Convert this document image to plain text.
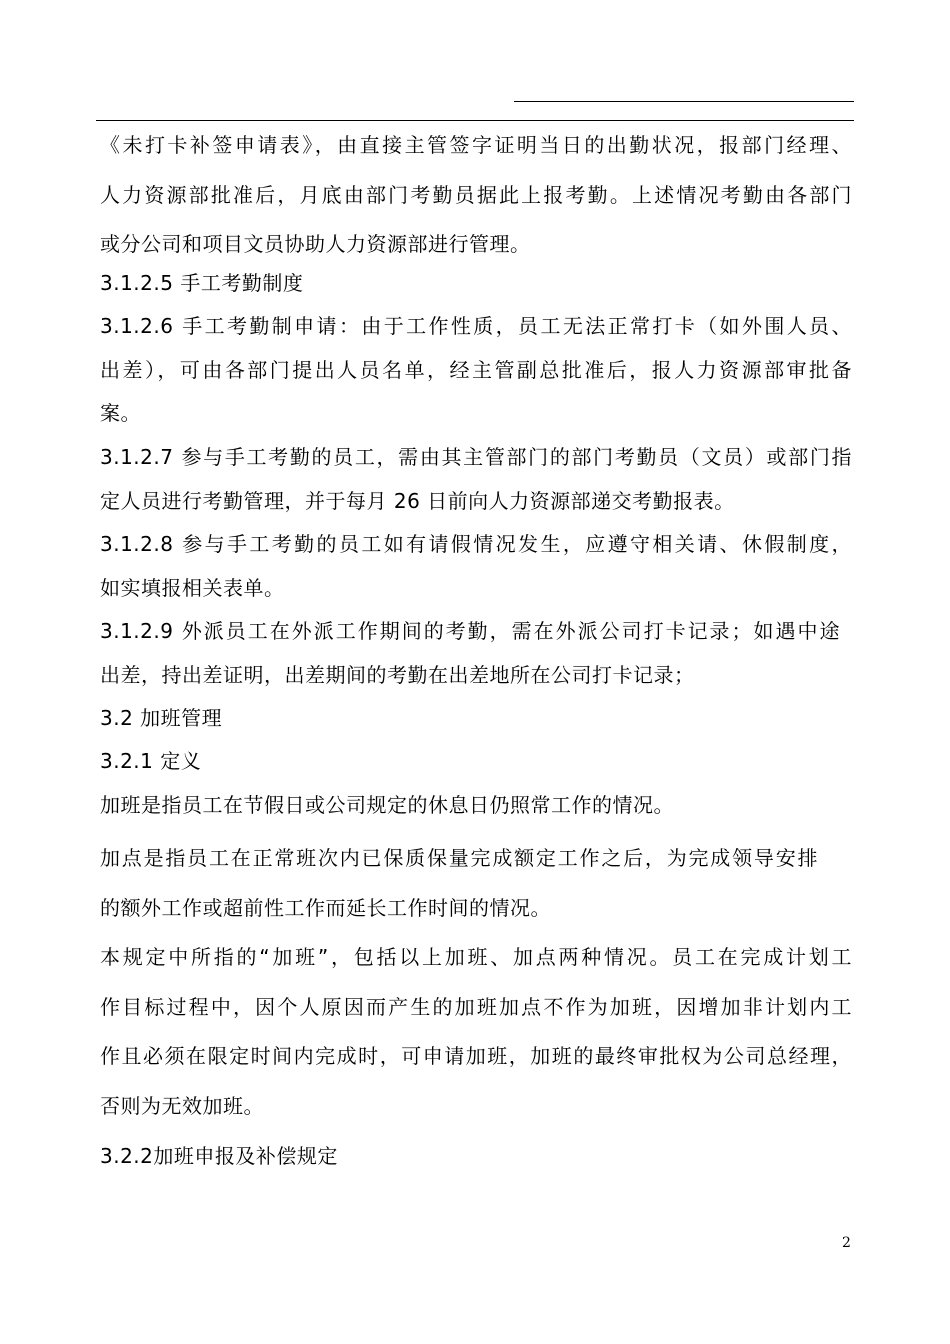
《未打卡补签申请表》，由直接主管签字证明当日的出勤状况，报部门经理、
人力资源部批准后，月底由部门考勤员据此上报考勤。上述情况考勤由各部门
或分公司和项目文员协助人力资源部进行管理。
3.1.2.5 手工考勤制度
3.1.2.6 手工考勤制申请：由于工作性质，员工无法正常打卡（如外围人员、
出差），可由各部门提出人员名单，经主管副总批准后，报人力资源部审批备
案。
3.1.2.7 参与手工考勤的员工，需由其主管部门的部门考勤员（文员）或部门指
定人员进行考勤管理，并于每月 26 日前向人力资源部递交考勤报表。
3.1.2.8 参与手工考勤的员工如有请假情况发生，应遵守相关请、休假制度，
如实填报相关表单。
3.1.2.9 外派员工在外派工作期间的考勤，需在外派公司打卡记录；如遇中途
出差，持出差证明，出差期间的考勤在出差地所在公司打卡记录；
3.2 加班管理
3.2.1 定义
加班是指员工在节假日或公司规定的休息日仍照常工作的情况。
加点是指员工在正常班次内已保质保量完成额定工作之后，为完成领导安排
的额外工作或超前性工作而延长工作时间的情况。
本规定中所指的“加班”，包括以上加班、加点两种情况。员工在完成计划工
作目标过程中，因个人原因而产生的加班加点不作为加班，因增加非计划内工
作且必须在限定时间内完成时，可申请加班，加班的最终审批权为公司总经理，
否则为无效加班。
3.2.2加班申报及补偿规定
2
